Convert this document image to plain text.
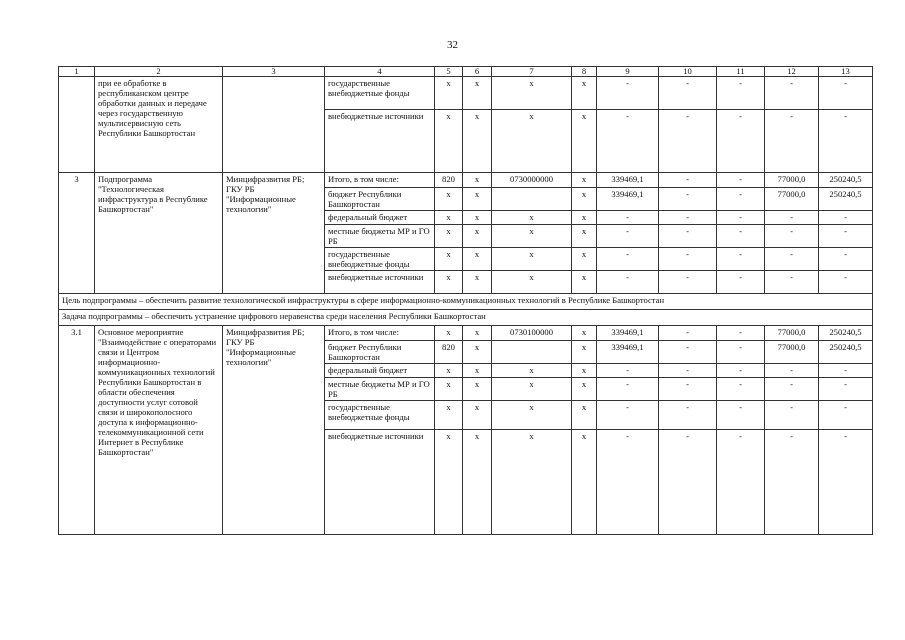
32
1	2	3	4	5	6	7	8	9	10	11	12	13
	при ее обработке в республиканском центре обработки данных и передаче через государственную мультисервисную сеть Республики Башкортостан		государственные внебюджетные фонды	x	x	x	x	-	-	-	-	-
			внебюджетные источники	x	x	x	x	-	-	-	-	-
3	Подпрограмма "Технологическая инфраструктура в Республике Башкортостан"	Минцифразвития РБ;
ГКУ РБ "Информационные технологии"	Итого, в том числе:	820	x	0730000000	x	339469,1	-	-	77000,0	250240,5
			бюджет Республики Башкортостан	x	x		x	339469,1	-	-	77000,0	250240,5
			федеральный бюджет	x	x	x	x	-	-	-	-	-
			местные бюджеты МР и ГО РБ	x	x	x	x	-	-	-	-	-
			государственные внебюджетные фонды	x	x	x	x	-	-	-	-	-
			внебюджетные источники	x	x	x	x	-	-	-	-	-
Цель подпрограммы – обеспечить развитие технологической инфраструктуры в сфере информационно-коммуникационных технологий в Республике Башкортостан												
Задача подпрограммы – обеспечить устранение цифрового неравенства среди населения Республики Башкортостан												
3.1	Основное мероприятие "Взаимодействие с операторами связи и Центром информационно-коммуникационных технологий Республики Башкортостан в области обеспечения доступности услуг сотовой связи и широкополосного доступа к информационно-телекоммуникационной сети Интернет в Республике Башкортостан"	Минцифразвития РБ;
ГКУ РБ "Информационные технологии"	Итого, в том числе:	x	x	0730100000	x	339469,1	-	-	77000,0	250240,5
			бюджет Республики Башкортостан	820	x		x	339469,1	-	-	77000,0	250240,5
			федеральный бюджет	x	x	x	x	-	-	-	-	-
			местные бюджеты МР и ГО РБ	x	x	x	x	-	-	-	-	-
			государственные внебюджетные фонды	x	x	x	x	-	-	-	-	-
			внебюджетные источники	x	x	x	x	-	-	-	-	-
